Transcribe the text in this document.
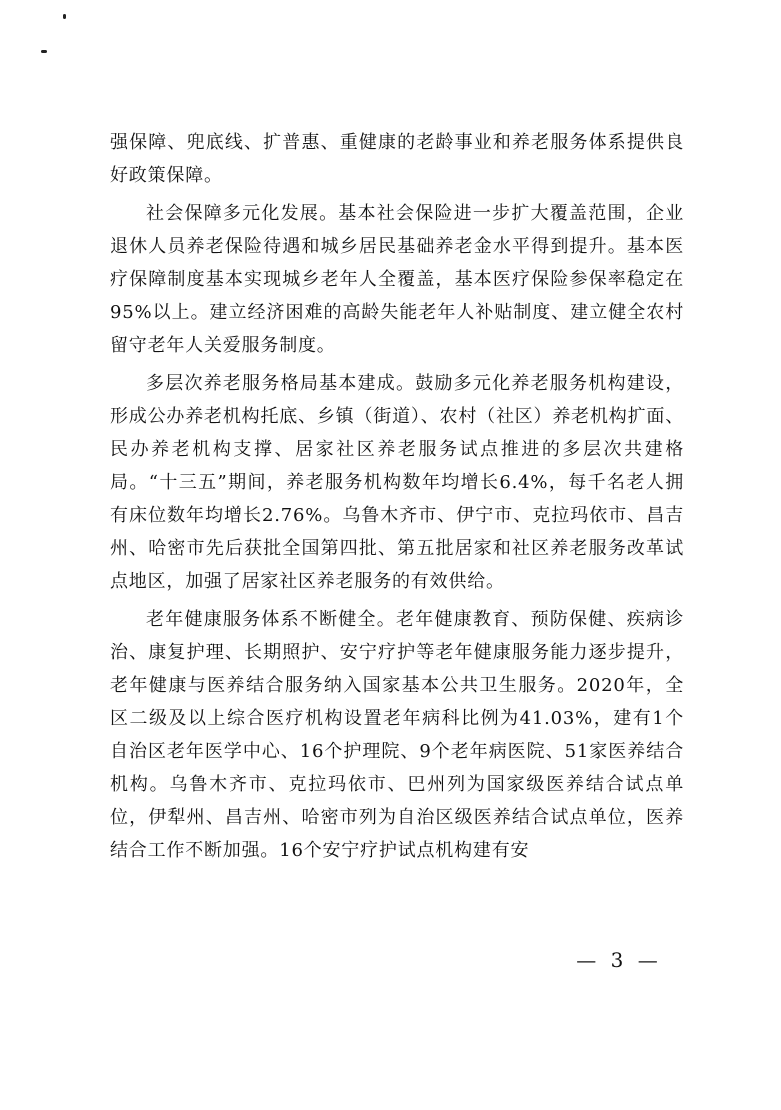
强保障、兜底线、扩普惠、重健康的老龄事业和养老服务体系提供良好政策保障。

社会保障多元化发展。基本社会保险进一步扩大覆盖范围，企业退休人员养老保险待遇和城乡居民基础养老金水平得到提升。基本医疗保障制度基本实现城乡老年人全覆盖，基本医疗保险参保率稳定在95%以上。建立经济困难的高龄失能老年人补贴制度、建立健全农村留守老年人关爱服务制度。

多层次养老服务格局基本建成。鼓励多元化养老服务机构建设，形成公办养老机构托底、乡镇（街道）、农村（社区）养老机构扩面、民办养老机构支撑、居家社区养老服务试点推进的多层次共建格局。“十三五”期间，养老服务机构数年均增长6.4%，每千名老人拥有床位数年均增长2.76%。乌鲁木齐市、伊宁市、克拉玛依市、昌吉州、哈密市先后获批全国第四批、第五批居家和社区养老服务改革试点地区，加强了居家社区养老服务的有效供给。

老年健康服务体系不断健全。老年健康教育、预防保健、疾病诊治、康复护理、长期照护、安宁疗护等老年健康服务能力逐步提升，老年健康与医养结合服务纳入国家基本公共卫生服务。2020年，全区二级及以上综合医疗机构设置老年病科比例为41.03%，建有1个自治区老年医学中心、16个护理院、9个老年病医院、51家医养结合机构。乌鲁木齐市、克拉玛依市、巴州列为国家级医养结合试点单位，伊犁州、昌吉州、哈密市列为自治区级医养结合试点单位，医养结合工作不断加强。16个安宁疗护试点机构建有安

— 3 —
